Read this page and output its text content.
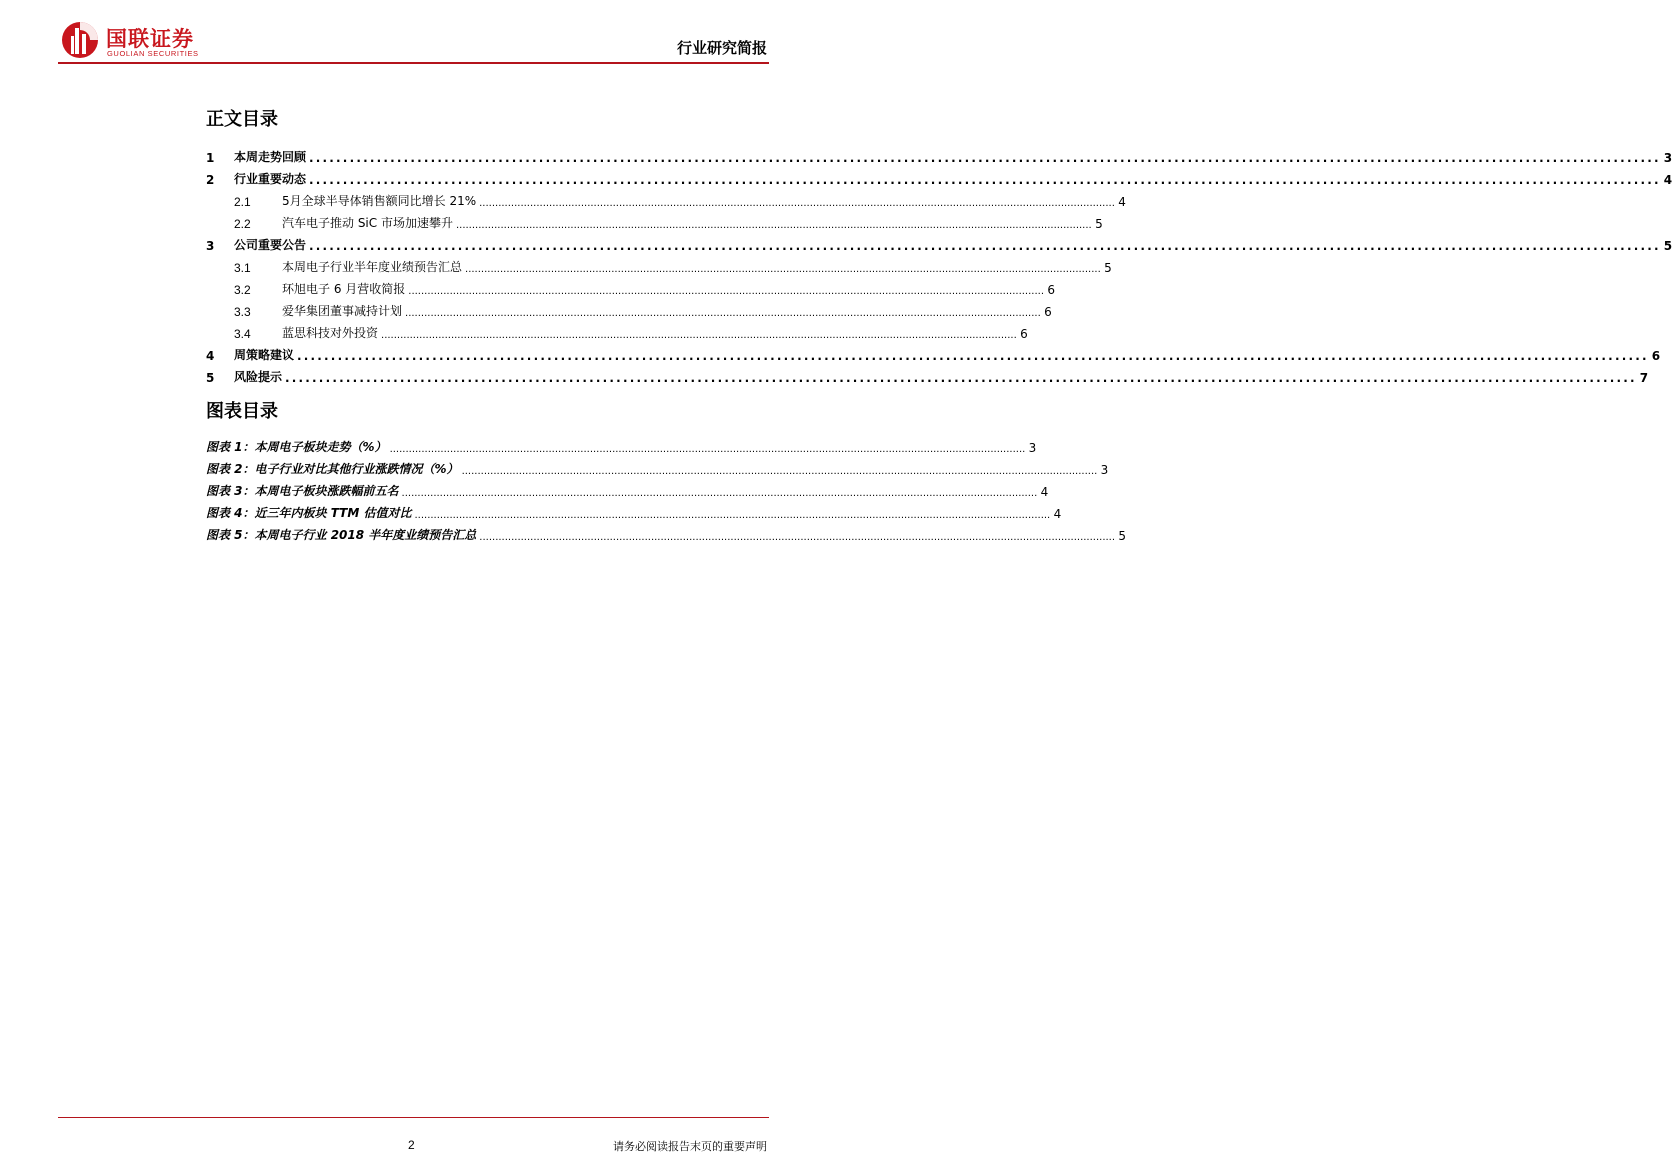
国联证券
GUOLIAN SECURITIES	行业研究简报
正文目录
1	本周走势回顾 ........................................................................................................................................................................................................ 3
2	行业重要动态 ........................................................................................................................................................................................................ 4
2.1	5月全球半导体销售额同比增长 21% ........................................................................................................................................................................................................ 4
2.2	汽车电子推动 SiC 市场加速攀升 ........................................................................................................................................................................................................ 5
3	公司重要公告 ........................................................................................................................................................................................................ 5
3.1	本周电子行业半年度业绩预告汇总 ........................................................................................................................................................................................................ 5
3.2	环旭电子 6 月营收简报 ........................................................................................................................................................................................................ 6
3.3	爱华集团董事减持计划 ........................................................................................................................................................................................................ 6
3.4	蓝思科技对外投资 ........................................................................................................................................................................................................ 6
4	周策略建议 ........................................................................................................................................................................................................ 6
5	风险提示 ........................................................................................................................................................................................................ 7
图表目录
图表 1：本周电子板块走势（%） ........................................................................................................................................................................................................ 3
图表 2：电子行业对比其他行业涨跌情况（%） ........................................................................................................................................................................................................ 3
图表 3：本周电子板块涨跌幅前五名 ........................................................................................................................................................................................................ 4
图表 4：近三年内板块 TTM 估值对比 ........................................................................................................................................................................................................ 4
图表 5：本周电子行业 2018 半年度业绩预告汇总 ........................................................................................................................................................................................................ 5
2	请务必阅读报告末页的重要声明
